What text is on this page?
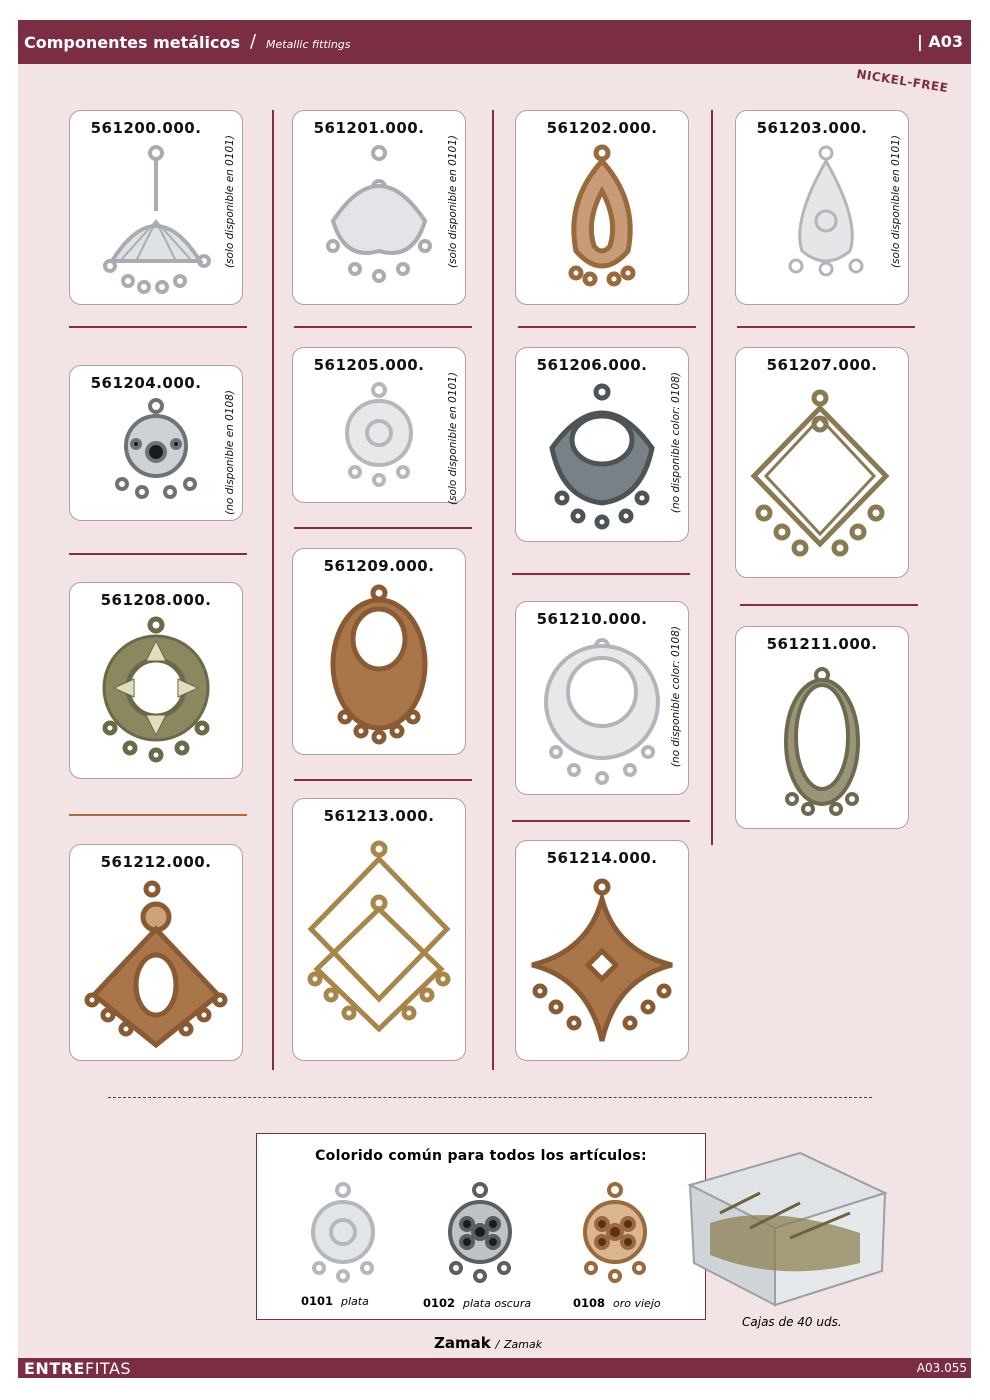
Componentes metálicos / Metallic fittings	| A03
NICKEL-FREE
561200.000.
(solo disponible en 0101)
561201.000.
(solo disponible en 0101)
561202.000.	561203.000.
(solo disponible en 0101)
561204.000.
(no disponible en 0108)
561205.000.
(solo disponible en 0101)
561206.000.
(no disponible color: 0108)
561207.000.
561208.000.
561209.000.
561210.000.
(no disponible color: 0108)	561211.000.
561212.000.
561213.000.
561214.000.
Colorido común para todos los artículos:
0101 plata	0102 plata oscura	0108 oro viejo
Cajas de 40 uds.
Zamak / Zamak
ENTREFITAS	A03.055
